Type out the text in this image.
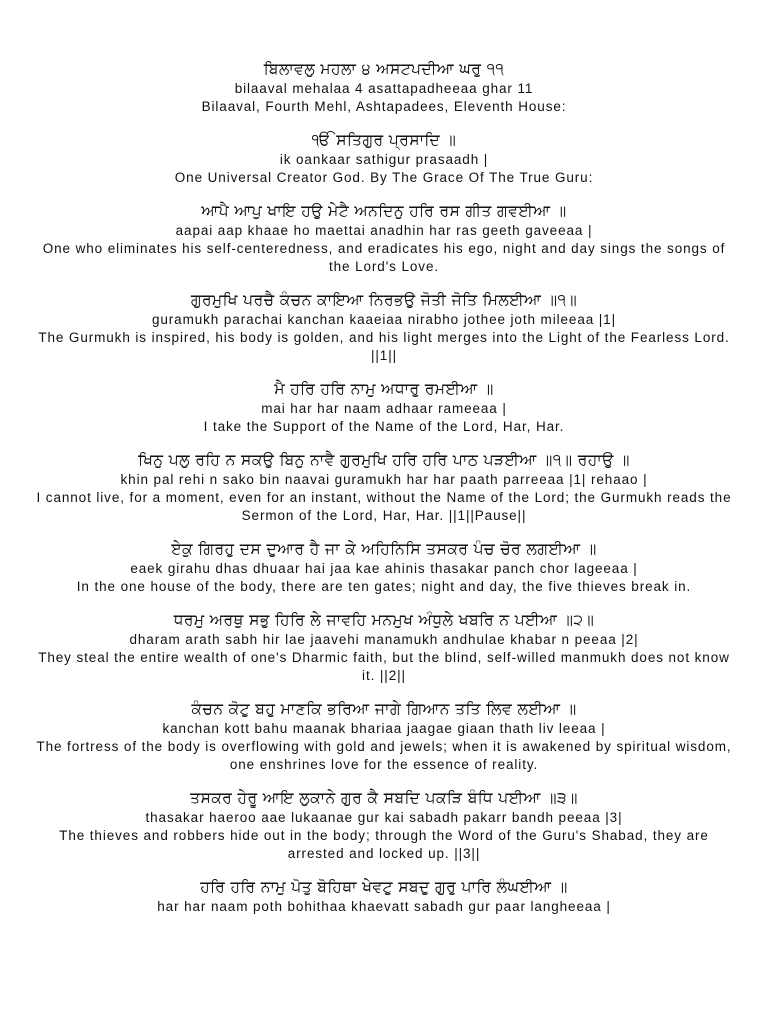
ਬਿਲਾਵਲੁ ਮਹਲਾ ੪ ਅਸਟਪਦੀਆ ਘਰੁ ੧੧

bilaaval mehalaa 4 asattapadheeaa ghar 11

Bilaaval, Fourth Mehl, Ashtapadees, Eleventh House:

ੴ ਸਤਿਗੁਰ ਪ੍ਰਸਾਦਿ ॥

ik oankaar sathigur prasaadh |

One Universal Creator God. By The Grace Of The True Guru:

ਆਪੈ ਆਪੁ ਖਾਇ ਹਉ ਮੇਟੈ ਅਨਦਿਨੁ ਹਰਿ ਰਸ ਗੀਤ ਗਵਈਆ ॥

aapai aap khaae ho maettai anadhin har ras geeth gaveeaa |

One who eliminates his self-centeredness, and eradicates his ego, night and day sings the songs of the Lord's Love.

ਗੁਰਮੁਖਿ ਪਰਚੈ ਕੰਚਨ ਕਾਇਆ ਨਿਰਭਉ ਜੋਤੀ ਜੋਤਿ ਮਿਲਈਆ ॥੧॥

guramukh parachai kanchan kaaeiaa nirabho jothee joth mileeaa |1|

The Gurmukh is inspired, his body is golden, and his light merges into the Light of the Fearless Lord. ||1||

ਮੈ ਹਰਿ ਹਰਿ ਨਾਮੁ ਅਧਾਰੁ ਰਮਈਆ ॥

mai har har naam adhaar rameeaa |

I take the Support of the Name of the Lord, Har, Har.

ਖਿਨੁ ਪਲੁ ਰਹਿ ਨ ਸਕਉ ਬਿਨੁ ਨਾਵੈ ਗੁਰਮੁਖਿ ਹਰਿ ਹਰਿ ਪਾਠ ਪੜਈਆ ॥੧॥ ਰਹਾਉ ॥

khin pal rehi n sako bin naavai guramukh har har paath parreeaa |1| rehaao |

I cannot live, for a moment, even for an instant, without the Name of the Lord; the Gurmukh reads the Sermon of the Lord, Har, Har. ||1||Pause||

ਏਕੁ ਗਿਰਹੁ ਦਸ ਦੁਆਰ ਹੈ ਜਾ ਕੇ ਅਹਿਨਿਸਿ ਤਸਕਰ ਪੰਚ ਚੋਰ ਲਗਈਆ ॥

eaek girahu dhas dhuaar hai jaa kae ahinis thasakar panch chor lageeaa |

In the one house of the body, there are ten gates; night and day, the five thieves break in.

ਧਰਮੁ ਅਰਥੁ ਸਭੁ ਹਿਰਿ ਲੇ ਜਾਵਹਿ ਮਨਮੁਖ ਅੰਧੁਲੇ ਖਬਰਿ ਨ ਪਈਆ ॥੨॥

dharam arath sabh hir lae jaavehi manamukh andhulae khabar n peeaa |2|

They steal the entire wealth of one's Dharmic faith, but the blind, self-willed manmukh does not know it. ||2||

ਕੰਚਨ ਕੋਟੁ ਬਹੁ ਮਾਣਕਿ ਭਰਿਆ ਜਾਗੇ ਗਿਆਨ ਤਤਿ ਲਿਵ ਲਈਆ ॥

kanchan kott bahu maanak bhariaa jaagae giaan thath liv leeaa |

The fortress of the body is overflowing with gold and jewels; when it is awakened by spiritual wisdom, one enshrines love for the essence of reality.

ਤਸਕਰ ਹੇਰੂ ਆਇ ਲੁਕਾਨੇ ਗੁਰ ਕੈ ਸਬਦਿ ਪਕੜਿ ਬੰਧਿ ਪਈਆ ॥੩॥

thasakar haeroo aae lukaanae gur kai sabadh pakarr bandh peeaa |3|

The thieves and robbers hide out in the body; through the Word of the Guru's Shabad, they are arrested and locked up. ||3||

ਹਰਿ ਹਰਿ ਨਾਮੁ ਪੋਤੁ ਬੋਹਿਥਾ ਖੇਵਟੁ ਸਬਦੁ ਗੁਰੁ ਪਾਰਿ ਲੰਘਈਆ ॥

har har naam poth bohithaa khaevatt sabadh gur paar langheeaa |
